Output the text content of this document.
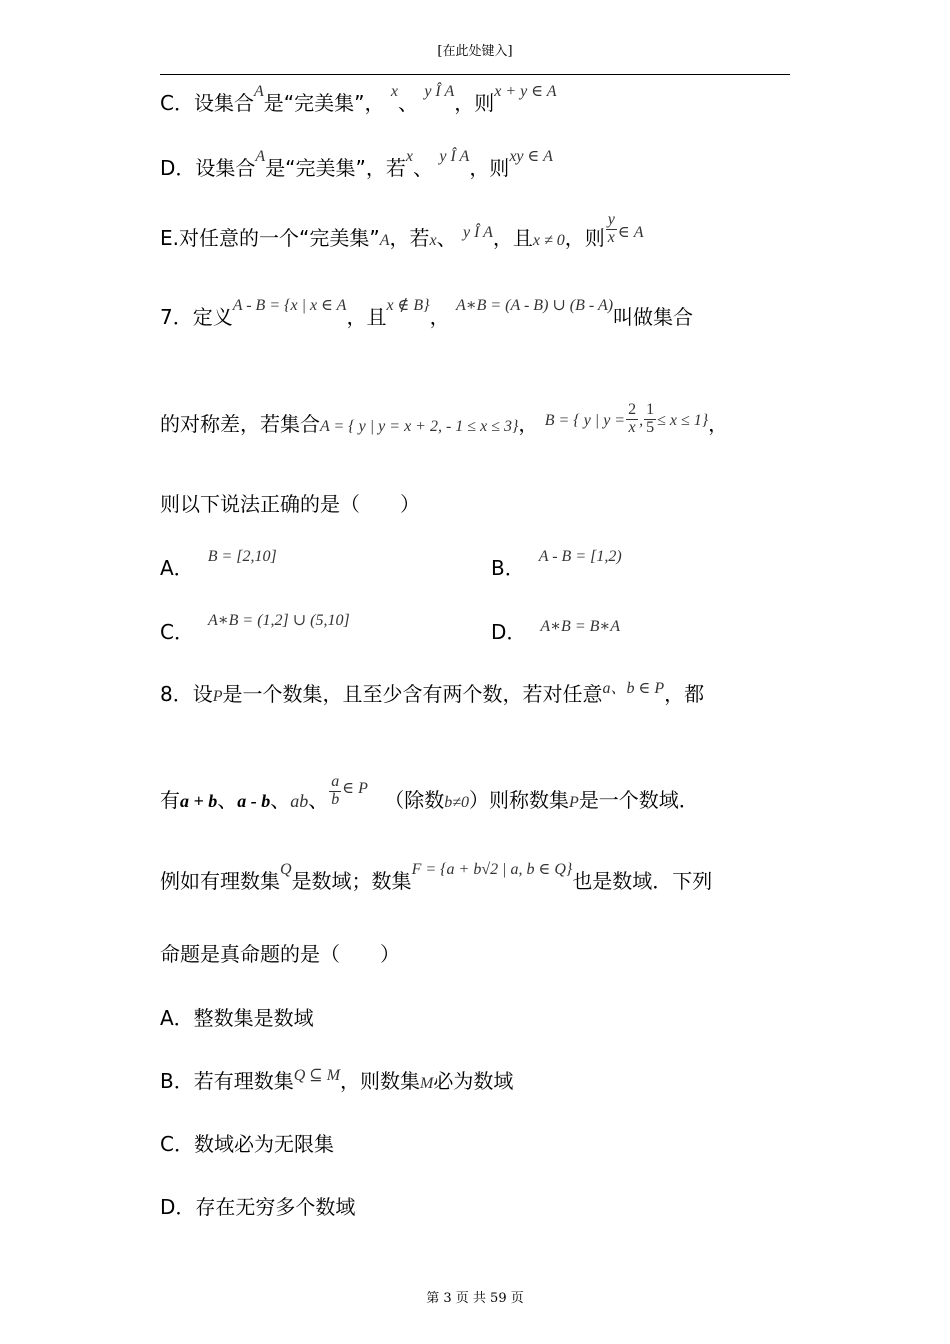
[在此处键入]
C．设集合$^A$是“完美集”， $^x$、 $^{y Î A}$，则$^{x + y \in A}$
D．设集合$^A$是“完美集”，若$^x$、 $^{y Î A}$，则$^{xy \in A}$
E.对任意的一个“完美集”A，若x、 $^{y Î A}$，且x ≠ 0，则 $\frac{y}{x} ^{\in A}$
7．定义$^{A - B = \{x | x \in A}$，且$^{x \notin B\}}$， $^{A∗B = (A - B) \cup (B - A)}$叫做集合
的对称差，若集合A = { y | y = x + 2, - 1 ≤ x ≤ 3}， $^{B = \{ y | y =} \frac{2}{x} ^, \frac{1}{5} ^{\le x \le 1\}}$，
则以下说法正确的是（　　）
A． $^{B = [2,10]}$	B． $^{A - B = [1,2)}$
C． $^{A∗B = (1,2] \cup (5,10]}$	D． $^{A∗B = B∗A}$
8．设P是一个数集，且至少含有两个数，若对任意$^{a、b \in P}$，都
有a + b、a - b、ab、 $\frac{a}{b} ^{\in P}$ （除数b≠0）则称数集P是一个数域．
例如有理数集$^Q$是数域；数集$^{F = \{a + b√2 | a, b \in Q\}}$也是数域．下列
命题是真命题的是（　　）
A．整数集是数域
B．若有理数集$^{Q ⊆ M}$，则数集M必为数域
C．数域必为无限集
D．存在无穷多个数域
第 3 页 共 59 页
